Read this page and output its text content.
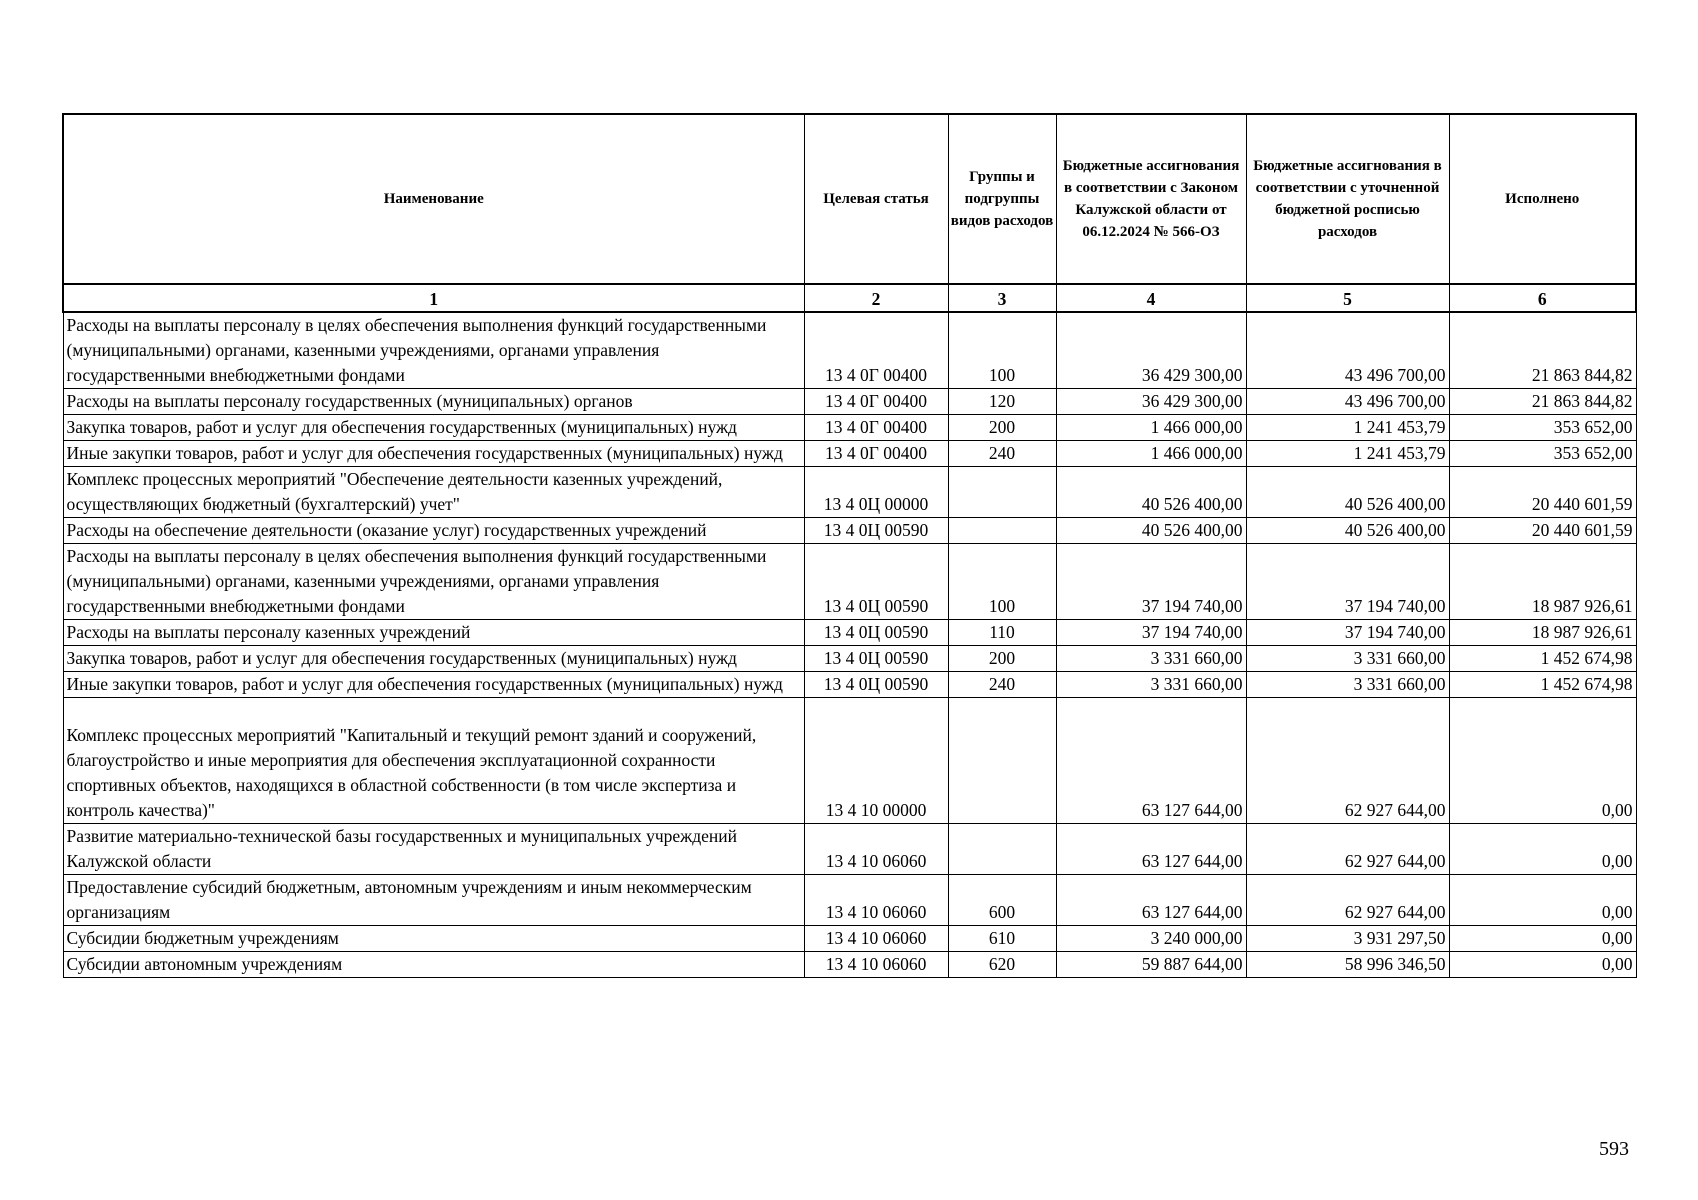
Наименование	Целевая статья	Группы и подгруппы видов расходов	Бюджетные ассигнования в соответствии с Законом Калужской области от 06.12.2024 № 566-ОЗ	Бюджетные ассигнования в соответствии с уточненной бюджетной росписью расходов	Исполнено
1	2	3	4	5	6
Расходы на выплаты персоналу в целях обеспечения выполнения функций государственными (муниципальными) органами, казенными учреждениями, органами управления государственными внебюджетными фондами	13 4 0Г 00400	100	36 429 300,00	43 496 700,00	21 863 844,82
Расходы на выплаты персоналу государственных (муниципальных) органов	13 4 0Г 00400	120	36 429 300,00	43 496 700,00	21 863 844,82
Закупка товаров, работ и услуг для обеспечения государственных (муниципальных) нужд	13 4 0Г 00400	200	1 466 000,00	1 241 453,79	353 652,00
Иные закупки товаров, работ и услуг для обеспечения государственных (муниципальных) нужд	13 4 0Г 00400	240	1 466 000,00	1 241 453,79	353 652,00
Комплекс процессных мероприятий "Обеспечение деятельности казенных учреждений, осуществляющих бюджетный (бухгалтерский) учет"	13 4 0Ц 00000		40 526 400,00	40 526 400,00	20 440 601,59
Расходы на обеспечение деятельности (оказание услуг) государственных учреждений	13 4 0Ц 00590		40 526 400,00	40 526 400,00	20 440 601,59
Расходы на выплаты персоналу в целях обеспечения выполнения функций государственными (муниципальными) органами, казенными учреждениями, органами управления государственными внебюджетными фондами	13 4 0Ц 00590	100	37 194 740,00	37 194 740,00	18 987 926,61
Расходы на выплаты персоналу казенных учреждений	13 4 0Ц 00590	110	37 194 740,00	37 194 740,00	18 987 926,61
Закупка товаров, работ и услуг для обеспечения государственных (муниципальных) нужд	13 4 0Ц 00590	200	3 331 660,00	3 331 660,00	1 452 674,98
Иные закупки товаров, работ и услуг для обеспечения государственных (муниципальных) нужд	13 4 0Ц 00590	240	3 331 660,00	3 331 660,00	1 452 674,98
Комплекс процессных мероприятий "Капитальный и текущий ремонт зданий и сооружений, благоустройство и иные мероприятия для обеспечения эксплуатационной сохранности спортивных объектов, находящихся в областной собственности (в том числе экспертиза и контроль качества)"	13 4 10 00000		63 127 644,00	62 927 644,00	0,00
Развитие материально-технической базы государственных и муниципальных учреждений Калужской области	13 4 10 06060		63 127 644,00	62 927 644,00	0,00
Предоставление субсидий бюджетным, автономным учреждениям и иным некоммерческим организациям	13 4 10 06060	600	63 127 644,00	62 927 644,00	0,00
Субсидии бюджетным учреждениям	13 4 10 06060	610	3 240 000,00	3 931 297,50	0,00
Субсидии автономным учреждениям	13 4 10 06060	620	59 887 644,00	58 996 346,50	0,00
593
